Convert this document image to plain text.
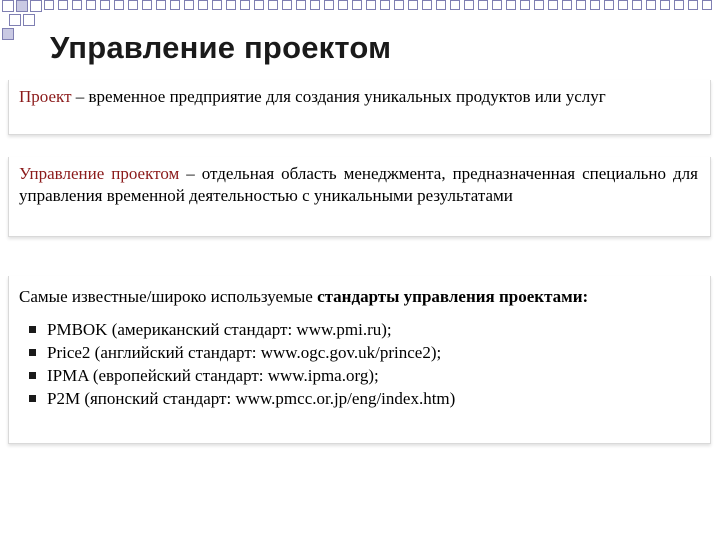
Управление проектом

Проект – временное предприятие для создания уникальных продуктов или услуг

Управление проектом – отдельная область менеджмента, предназначенная специально для управления временной деятельностью с уникальными результатами

Самые известные/широко используемые стандарты управления проектами:

PMBOK (американский стандарт: www.pmi.ru);
Price2 (английский стандарт: www.ogc.gov.uk/prince2);
IPMA (европейский стандарт: www.ipma.org);
P2M (японский стандарт: www.pmcc.or.jp/eng/index.htm)
